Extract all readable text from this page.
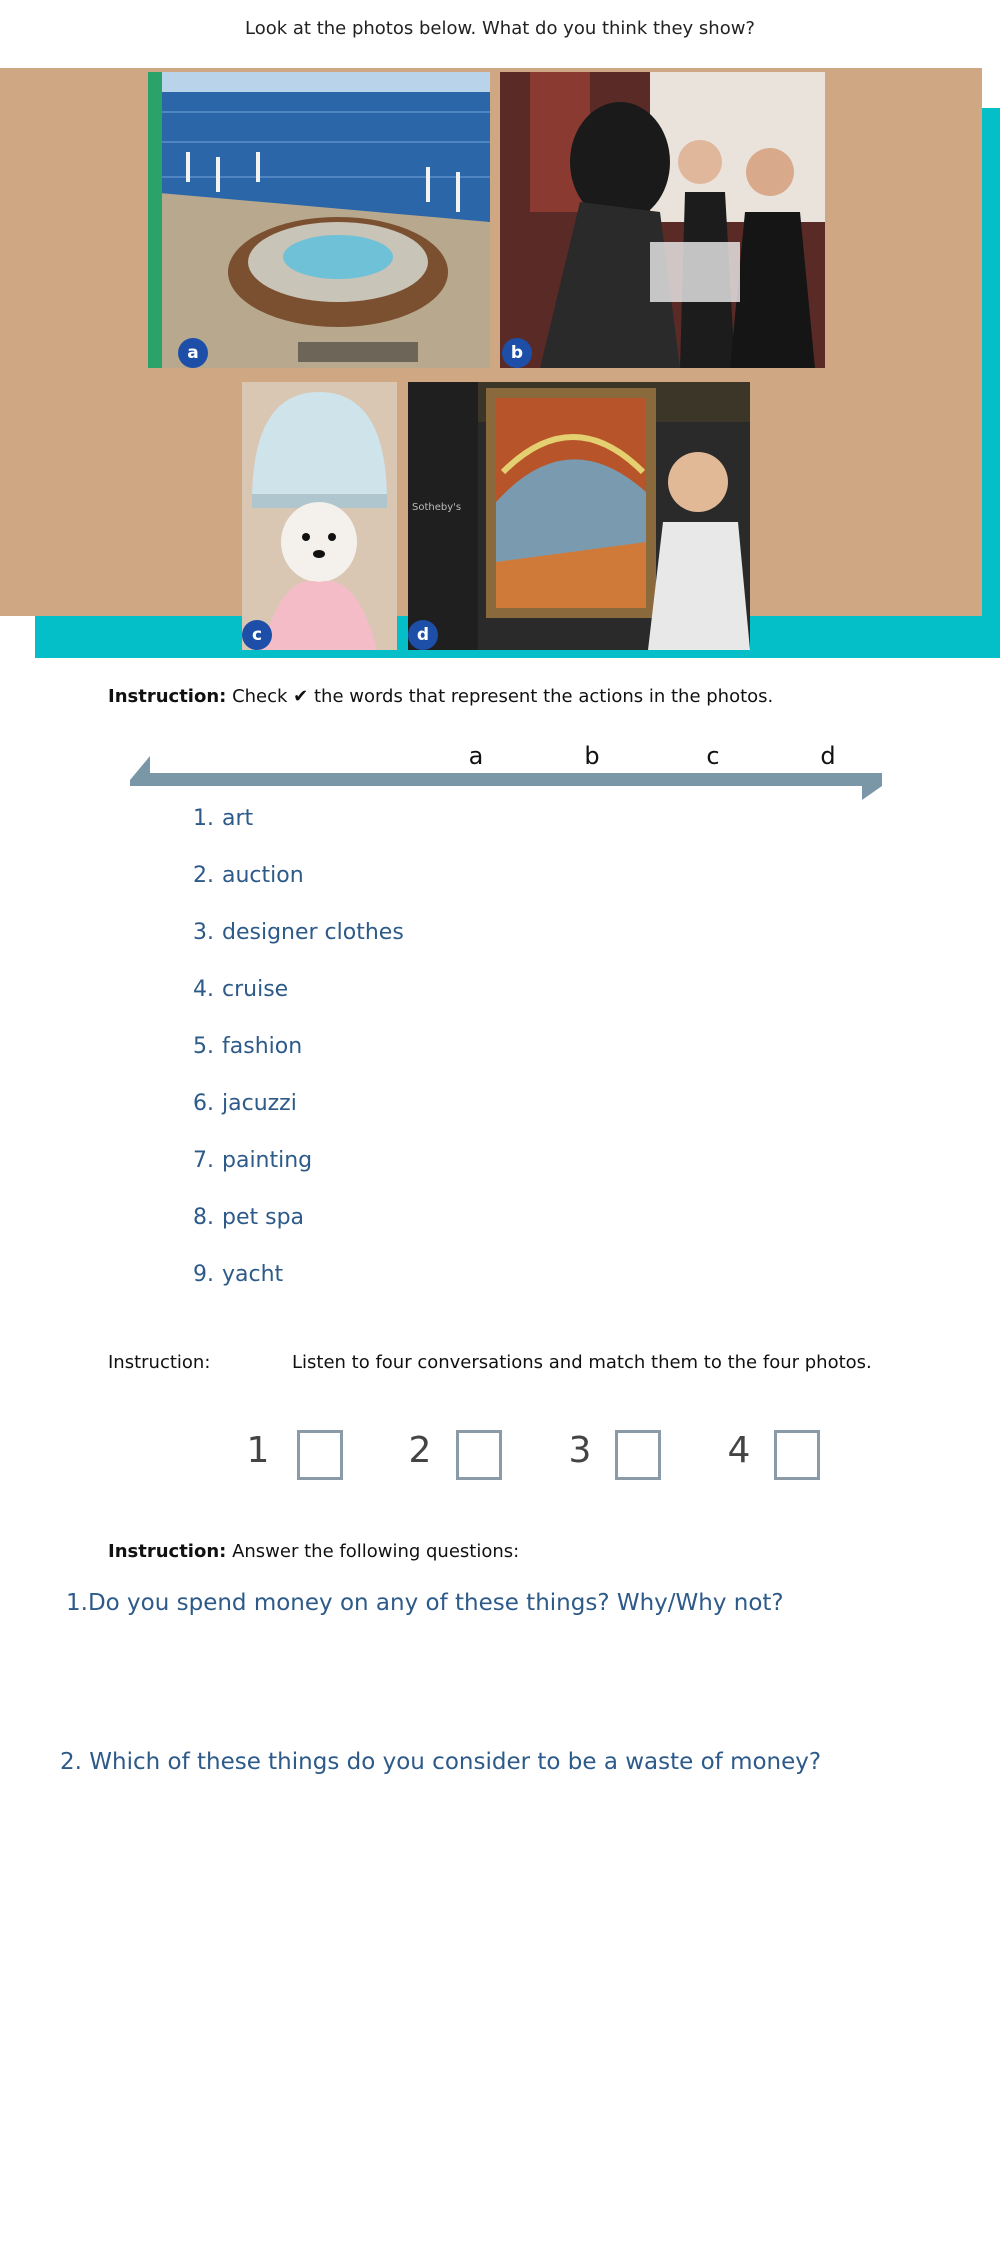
Look at the photos below. What do you think they show?
a	b
c
Sotheby's
d
Instruction: Check ✔ the words that represent the actions in the photos.
a	b	c	d
1. art
2. auction
3. designer clothes
4. cruise
5. fashion
6. jacuzzi
7. painting
8. pet spa
9. yacht
Instruction:	Listen to four conversations and match them to the four photos.
1	2	3	4
Instruction: Answer the following questions:
1.Do you spend money on any of these things? Why/Why not?
2. Which of these things do you consider to be a waste of money?
